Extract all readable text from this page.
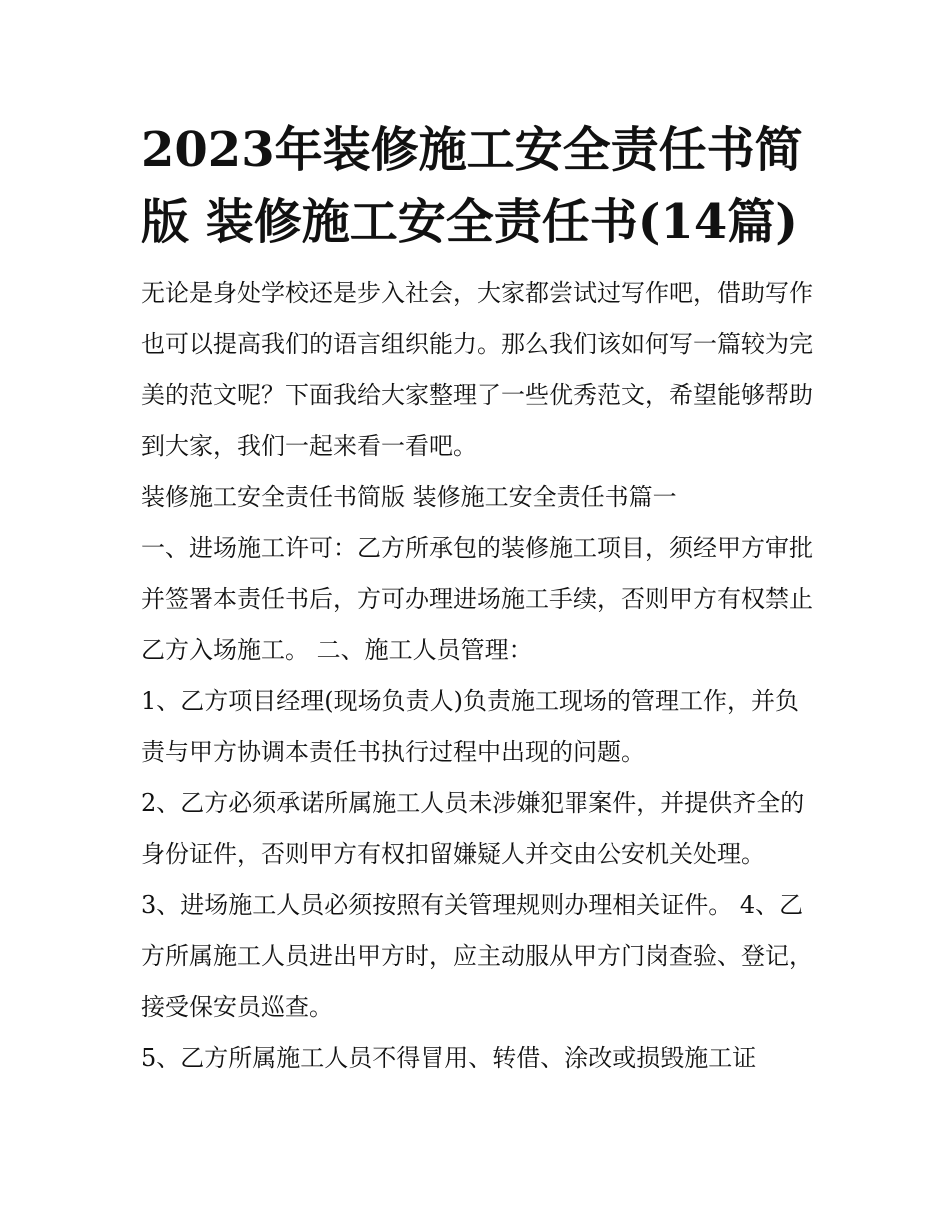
2023年装修施工安全责任书简版 装修施工安全责任书(14篇)

无论是身处学校还是步入社会，大家都尝试过写作吧，借助写作也可以提高我们的语言组织能力。那么我们该如何写一篇较为完美的范文呢？下面我给大家整理了一些优秀范文，希望能够帮助到大家，我们一起来看一看吧。

装修施工安全责任书简版 装修施工安全责任书篇一

一、进场施工许可：乙方所承包的装修施工项目，须经甲方审批并签署本责任书后，方可办理进场施工手续，否则甲方有权禁止乙方入场施工。 二、施工人员管理：

1、乙方项目经理(现场负责人)负责施工现场的管理工作，并负责与甲方协调本责任书执行过程中出现的问题。

2、乙方必须承诺所属施工人员未涉嫌犯罪案件，并提供齐全的身份证件，否则甲方有权扣留嫌疑人并交由公安机关处理。

3、进场施工人员必须按照有关管理规则办理相关证件。 4、乙方所属施工人员进出甲方时，应主动服从甲方门岗查验、登记，接受保安员巡查。

5、乙方所属施工人员不得冒用、转借、涂改或损毁施工证
